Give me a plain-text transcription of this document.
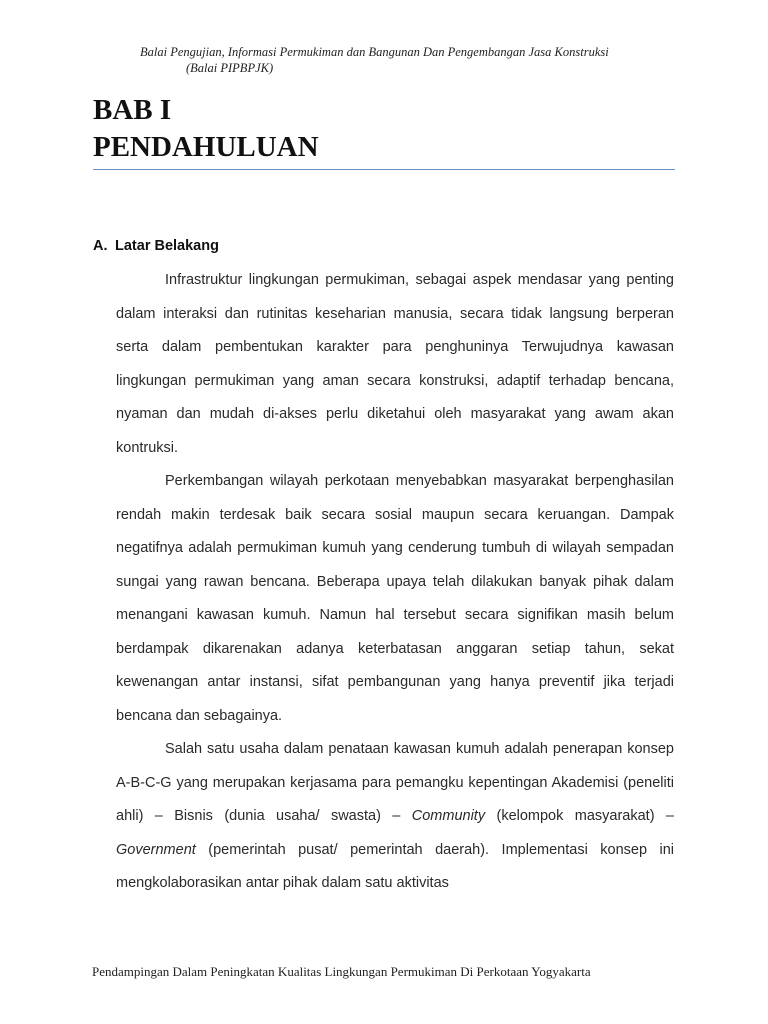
Balai Pengujian, Informasi Permukiman dan Bangunan Dan Pengembangan Jasa Konstruksi
(Balai PIPBPJK)
BAB I
PENDAHULUAN
A. Latar Belakang

Infrastruktur lingkungan permukiman, sebagai aspek mendasar yang penting dalam interaksi dan rutinitas keseharian manusia, secara tidak langsung berperan serta dalam pembentukan karakter para penghuninya Terwujudnya kawasan lingkungan permukiman yang aman secara konstruksi, adaptif terhadap bencana, nyaman dan mudah di-akses perlu diketahui oleh masyarakat yang awam akan kontruksi.

Perkembangan wilayah perkotaan menyebabkan masyarakat berpenghasilan rendah makin terdesak baik secara sosial maupun secara keruangan. Dampak negatifnya adalah permukiman kumuh yang cenderung tumbuh di wilayah sempadan sungai yang rawan bencana. Beberapa upaya telah dilakukan banyak pihak dalam menangani kawasan kumuh. Namun hal tersebut secara signifikan masih belum berdampak dikarenakan adanya keterbatasan anggaran setiap tahun, sekat kewenangan antar instansi, sifat pembangunan yang hanya preventif jika terjadi bencana dan sebagainya.

Salah satu usaha dalam penataan kawasan kumuh adalah penerapan konsep A-B-C-G yang merupakan kerjasama para pemangku kepentingan Akademisi (peneliti ahli) – Bisnis (dunia usaha/ swasta) – Community (kelompok masyarakat) – Government (pemerintah pusat/ pemerintah daerah). Implementasi konsep ini mengkolaborasikan antar pihak dalam satu aktivitas

Pendampingan Dalam Peningkatan Kualitas Lingkungan Permukiman Di Perkotaan Yogyakarta
